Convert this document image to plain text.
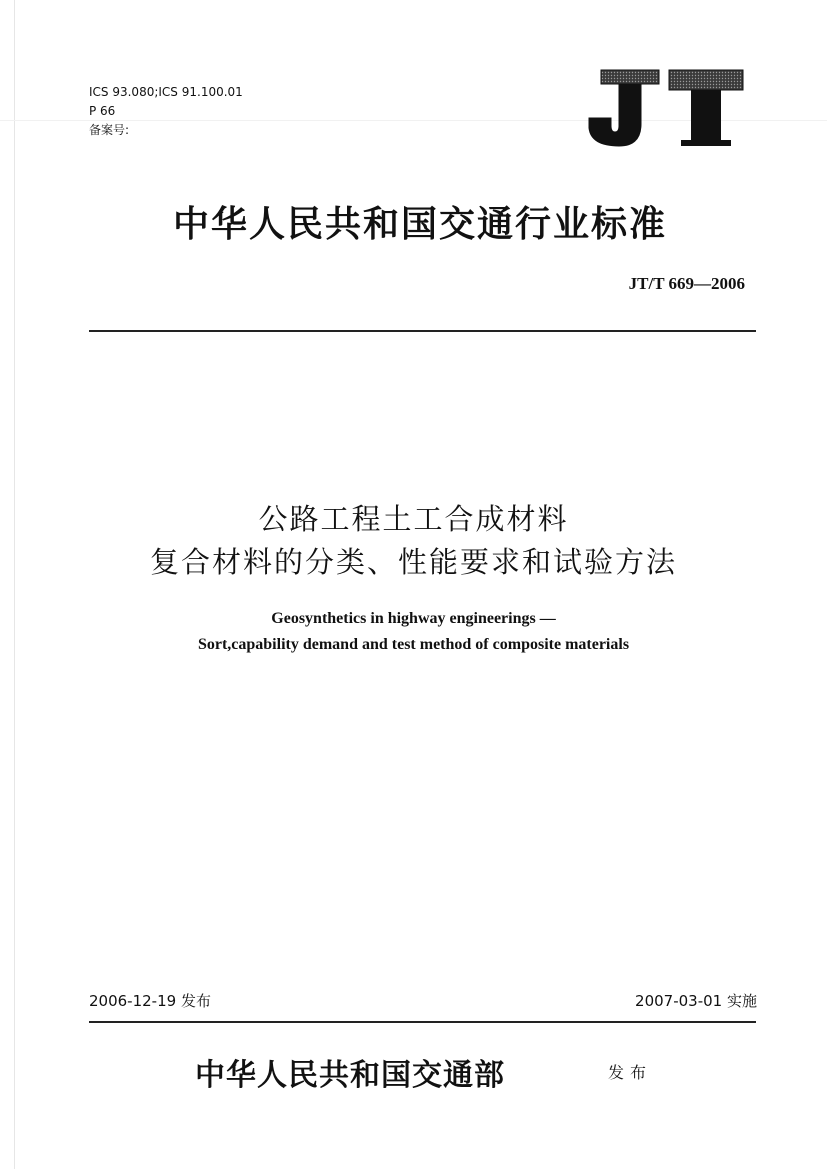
ICS 93.080;ICS 91.100.01
P 66
备案号:
中华人民共和国交通行业标准
JT/T 669—2006
公路工程土工合成材料
复合材料的分类、性能要求和试验方法
Geosynthetics in highway engineerings —
Sort,capability demand and test method of composite materials
2006-12-19 发布	2007-03-01 实施
中华人民共和国交通部	发布
